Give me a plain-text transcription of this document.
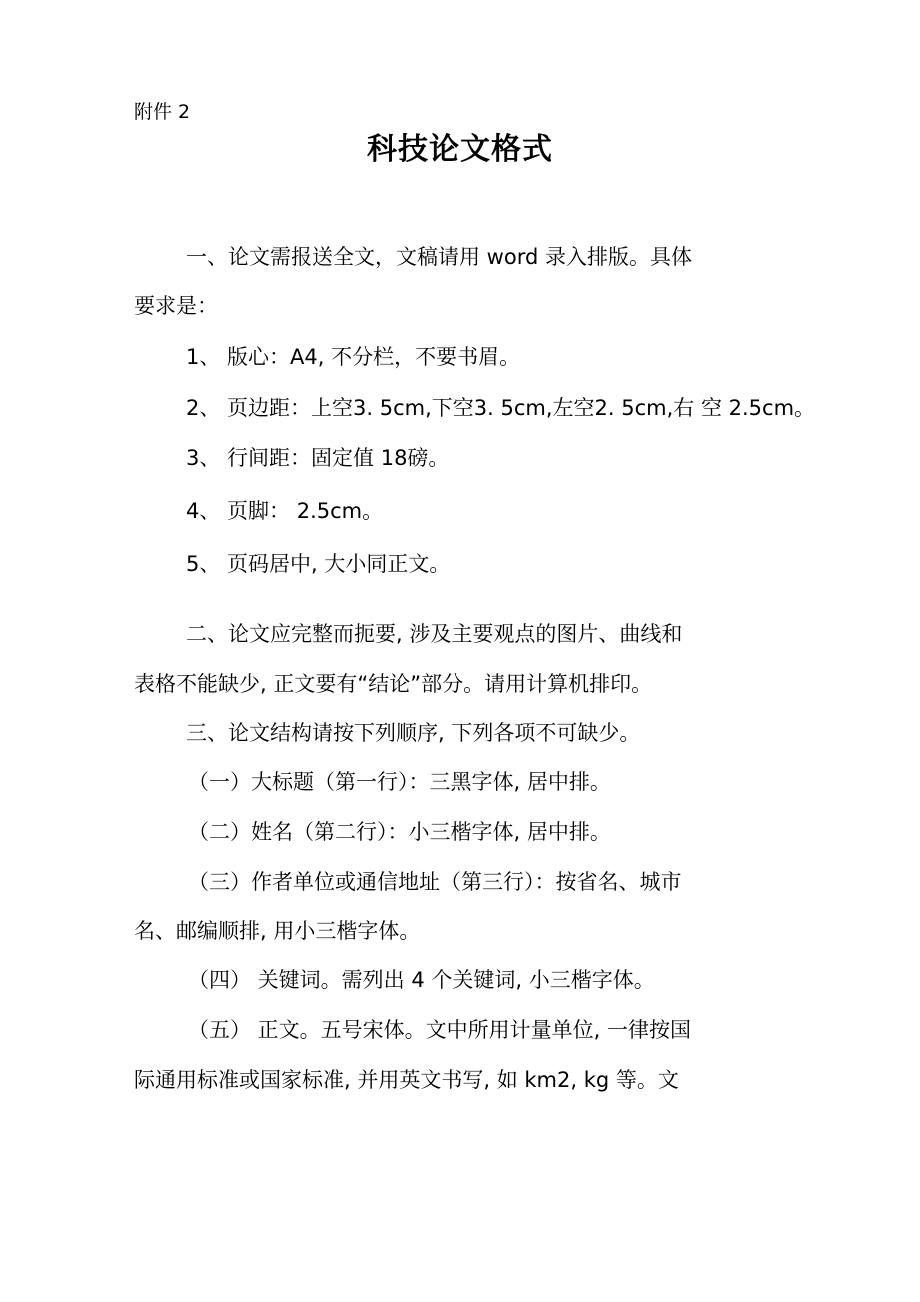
附件 2
科技论文格式
一、论文需报送全文，文稿请用 word 录入排版。具体
要求是：
1、 版心：A4, 不分栏，不要书眉。
2、 页边距：上空3. 5cm,下空3. 5cm,左空2. 5cm,右 空 2.5cm。
3、 行间距：固定值 18磅。
4、 页脚： 2.5cm。
5、 页码居中, 大小同正文。
二、论文应完整而扼要, 涉及主要观点的图片、曲线和
表格不能缺少, 正文要有“结论”部分。请用计算机排印。
三、论文结构请按下列顺序, 下列各项不可缺少。
（一）大标题（第一行）：三黑字体, 居中排。
（二）姓名（第二行）：小三楷字体, 居中排。
（三）作者单位或通信地址（第三行）：按省名、城市
名、邮编顺排, 用小三楷字体。
（四） 关键词。需列出 4 个关键词, 小三楷字体。
（五） 正文。五号宋体。文中所用计量单位, 一律按国
际通用标准或国家标准, 并用英文书写, 如 km2, kg 等。文
